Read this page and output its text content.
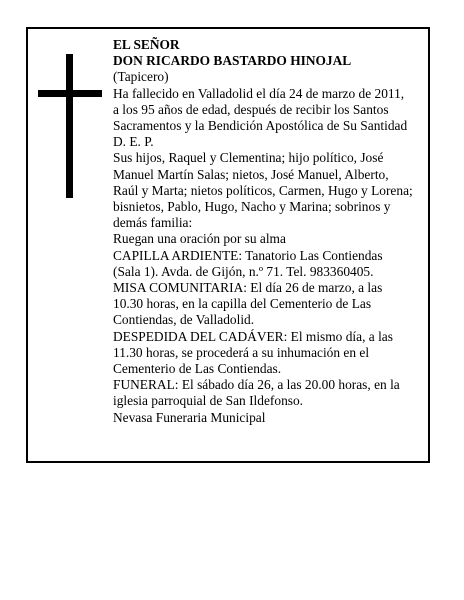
EL SEÑOR

DON RICARDO BASTARDO HINOJAL

(Tapicero)

Ha fallecido en Valladolid el día 24 de marzo de 2011, a los 95 años de edad, después de recibir los Santos Sacramentos y la Bendición Apostólica de Su Santidad D. E. P.

Sus hijos, Raquel y Clementina; hijo político, José Manuel Martín Salas; nietos, José Manuel, Alberto, Raúl y Marta; nietos políticos, Carmen, Hugo y Lorena; bisnietos, Pablo, Hugo, Nacho y Marina; sobrinos y demás familia:

Ruegan una oración por su alma

CAPILLA ARDIENTE: Tanatorio Las Contiendas (Sala 1). Avda. de Gijón, n.º 71. Tel. 983360405.

MISA COMUNITARIA: El día 26 de marzo, a las 10.30 horas, en la capilla del Cementerio de Las Contiendas, de Valladolid.

DESPEDIDA DEL CADÁVER: El mismo día, a las 11.30 horas, se procederá a su inhumación en el Cementerio de Las Contiendas.

FUNERAL: El sábado día 26, a las 20.00 horas, en la iglesia parroquial de San Ildefonso.

Nevasa Funeraria Municipal
